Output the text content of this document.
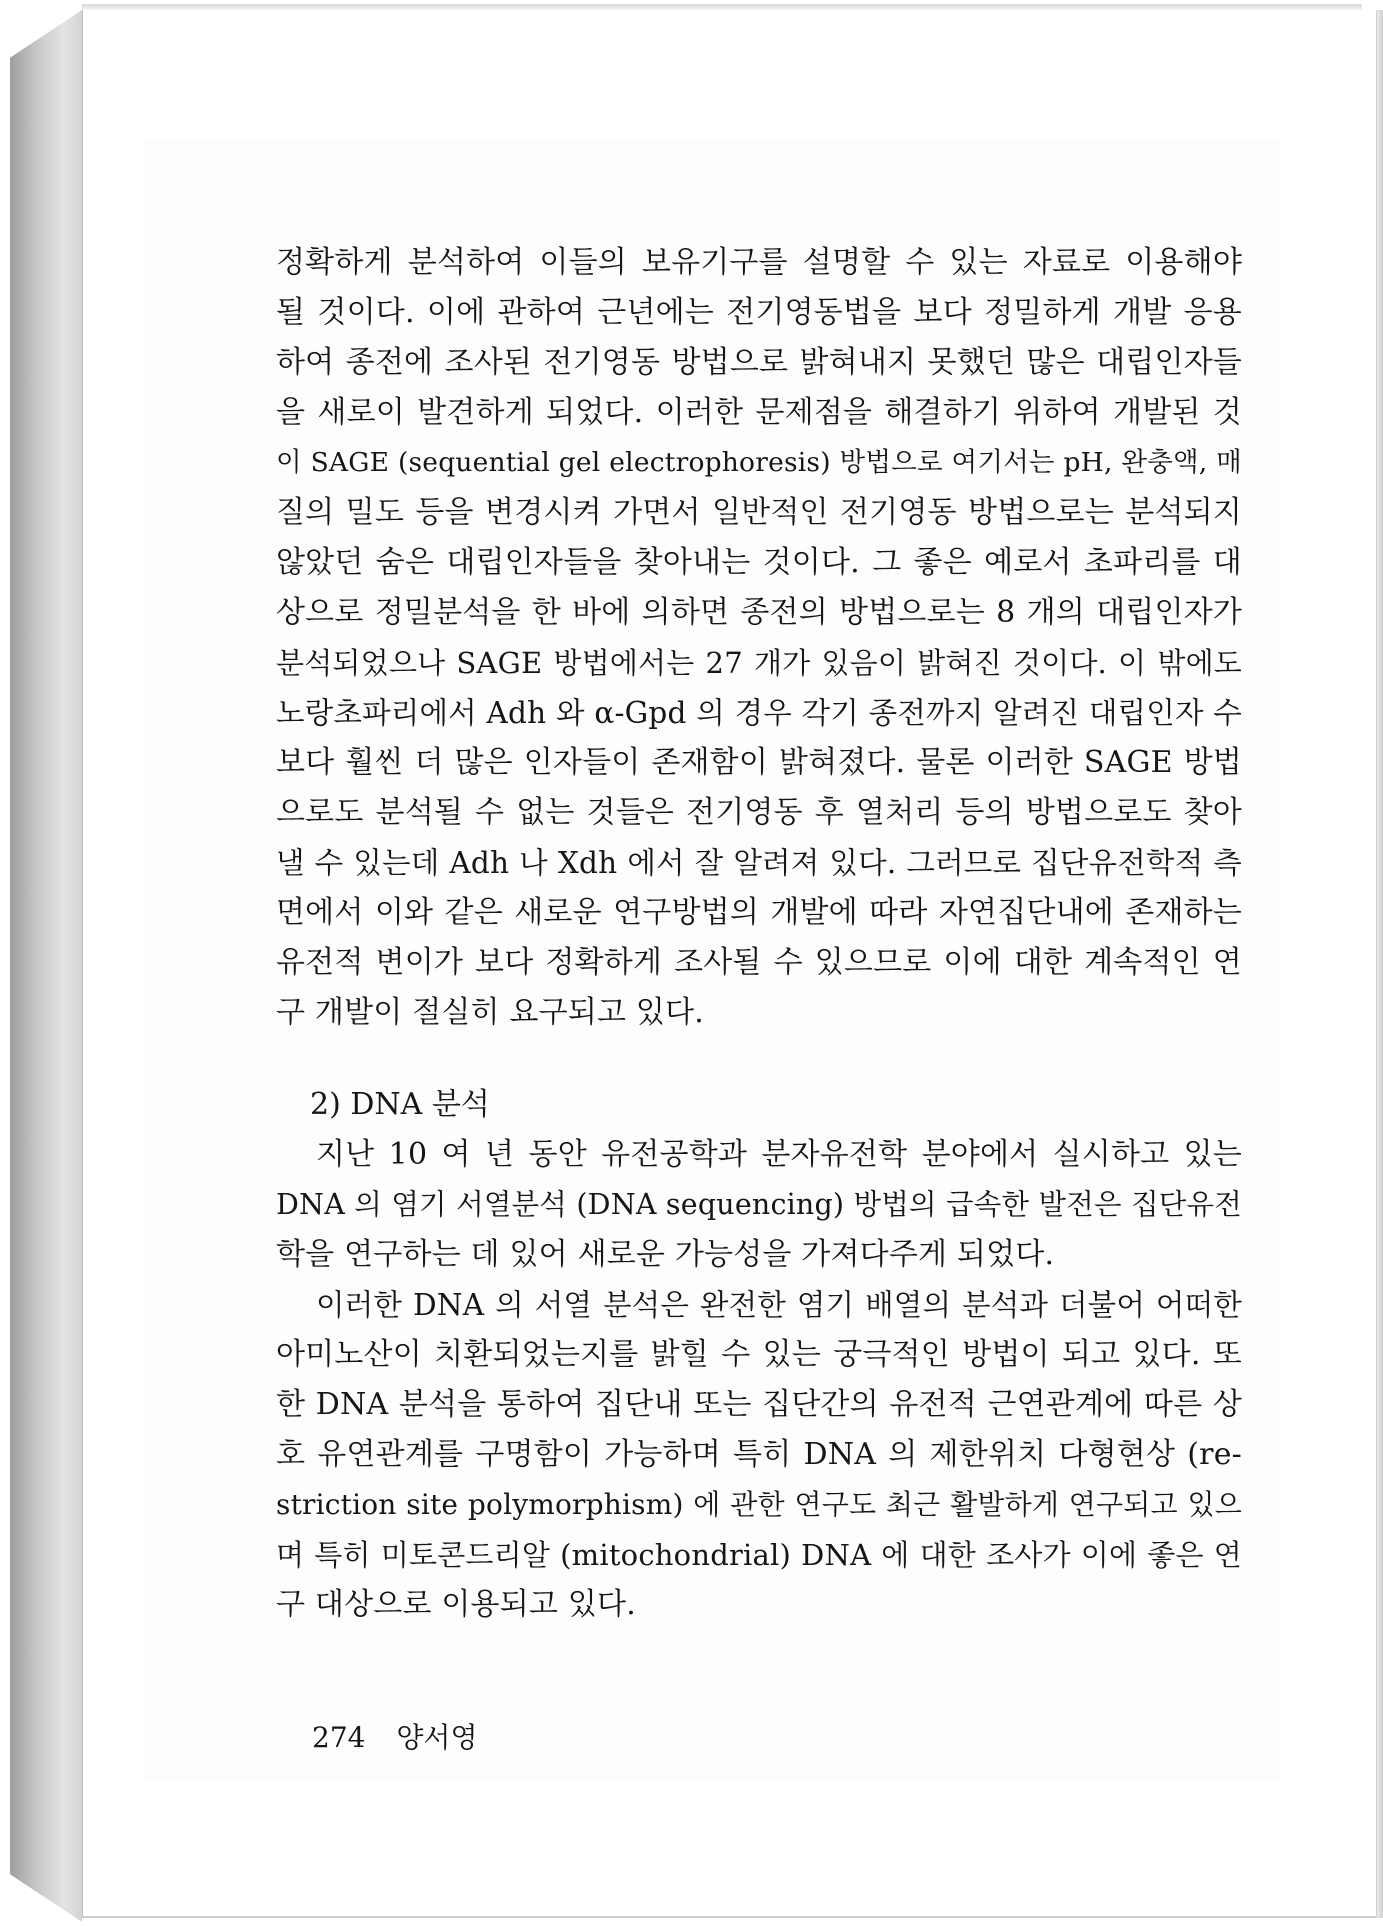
정확하게 분석하여 이들의 보유기구를 설명할 수 있는 자료로 이용해야
될 것이다. 이에 관하여 근년에는 전기영동법을 보다 정밀하게 개발 응용
하여 종전에 조사된 전기영동 방법으로 밝혀내지 못했던 많은 대립인자들
을 새로이 발견하게 되었다. 이러한 문제점을 해결하기 위하여 개발된 것
이 SAGE (sequential gel electrophoresis) 방법으로 여기서는 pH, 완충액, 매
질의 밀도 등을 변경시켜 가면서 일반적인 전기영동 방법으로는 분석되지
않았던 숨은 대립인자들을 찾아내는 것이다. 그 좋은 예로서 초파리를 대
상으로 정밀분석을 한 바에 의하면 종전의 방법으로는 8 개의 대립인자가
분석되었으나 SAGE 방법에서는 27 개가 있음이 밝혀진 것이다. 이 밖에도
노랑초파리에서 Adh 와 α-Gpd 의 경우 각기 종전까지 알려진 대립인자 수
보다 훨씬 더 많은 인자들이 존재함이 밝혀졌다. 물론 이러한 SAGE 방법
으로도 분석될 수 없는 것들은 전기영동 후 열처리 등의 방법으로도 찾아
낼 수 있는데 Adh 나 Xdh 에서 잘 알려져 있다. 그러므로 집단유전학적 측
면에서 이와 같은 새로운 연구방법의 개발에 따라 자연집단내에 존재하는
유전적 변이가 보다 정확하게 조사될 수 있으므로 이에 대한 계속적인 연
구 개발이 절실히 요구되고 있다.
2) DNA 분석
지난 10 여 년 동안 유전공학과 분자유전학 분야에서 실시하고 있는
DNA 의 염기 서열분석 (DNA sequencing) 방법의 급속한 발전은 집단유전
학을 연구하는 데 있어 새로운 가능성을 가져다주게 되었다.
이러한 DNA 의 서열 분석은 완전한 염기 배열의 분석과 더불어 어떠한
아미노산이 치환되었는지를 밝힐 수 있는 궁극적인 방법이 되고 있다. 또
한 DNA 분석을 통하여 집단내 또는 집단간의 유전적 근연관계에 따른 상
호 유연관계를 구명함이 가능하며 특히 DNA 의 제한위치 다형현상 (re-
striction site polymorphism) 에 관한 연구도 최근 활발하게 연구되고 있으
며 특히 미토콘드리알 (mitochondrial) DNA 에 대한 조사가 이에 좋은 연
구 대상으로 이용되고 있다.
274 양서영
